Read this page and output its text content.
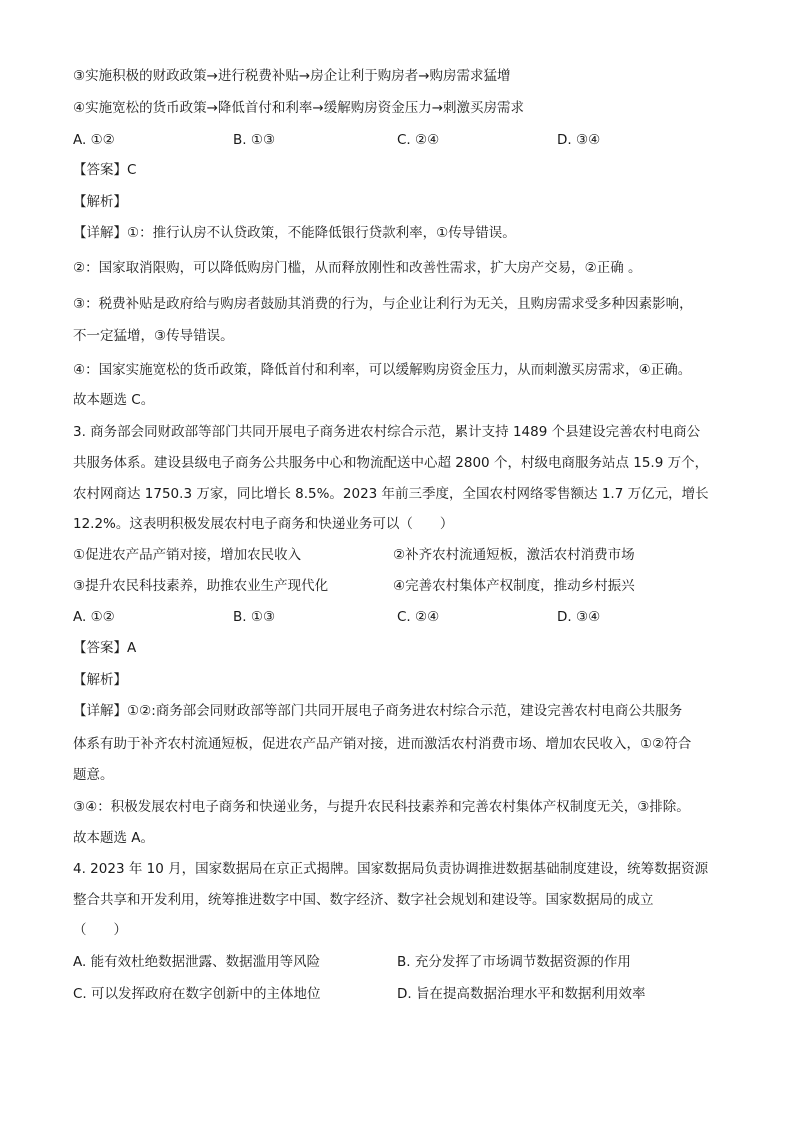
③实施积极的财政政策→进行税费补贴→房企让利于购房者→购房需求猛增
④实施宽松的货币政策→降低首付和利率→缓解购房资金压力→刺激买房需求
A. ①②	B. ①③	C. ②④	D. ③④
【答案】C
【解析】
【详解】①：推行认房不认贷政策，不能降低银行贷款利率，①传导错误。
②：国家取消限购，可以降低购房门槛，从而释放刚性和改善性需求，扩大房产交易，②正确 。
③：税费补贴是政府给与购房者鼓励其消费的行为，与企业让利行为无关，且购房需求受多种因素影响，
不一定猛增，③传导错误。
④：国家实施宽松的货币政策，降低首付和利率，可以缓解购房资金压力，从而刺激买房需求，④正确。
故本题选 C。
3. 商务部会同财政部等部门共同开展电子商务进农村综合示范，累计支持 1489 个县建设完善农村电商公
共服务体系。建设县级电子商务公共服务中心和物流配送中心超 2800 个，村级电商服务站点 15.9 万个，
农村网商达 1750.3 万家，同比增长 8.5%。2023 年前三季度，全国农村网络零售额达 1.7 万亿元，增长
12.2%。这表明积极发展农村电子商务和快递业务可以（　　）
①促进农产品产销对接，增加农民收入	②补齐农村流通短板，激活农村消费市场
③提升农民科技素养，助推农业生产现代化	④完善农村集体产权制度，推动乡村振兴
A. ①②	B. ①③	C. ②④	D. ③④
【答案】A
【解析】
【详解】①②:商务部会同财政部等部门共同开展电子商务进农村综合示范，建设完善农村电商公共服务
体系有助于补齐农村流通短板，促进农产品产销对接，进而激活农村消费市场、增加农民收入，①②符合
题意。
③④：积极发展农村电子商务和快递业务，与提升农民科技素养和完善农村集体产权制度无关，③排除。
故本题选 A。
4. 2023 年 10 月，国家数据局在京正式揭牌。国家数据局负责协调推进数据基础制度建设，统筹数据资源
整合共享和开发利用，统筹推进数字中国、数字经济、数字社会规划和建设等。国家数据局的成立
（　　）
A. 能有效杜绝数据泄露、数据滥用等风险	B. 充分发挥了市场调节数据资源的作用
C. 可以发挥政府在数字创新中的主体地位	D. 旨在提高数据治理水平和数据利用效率
